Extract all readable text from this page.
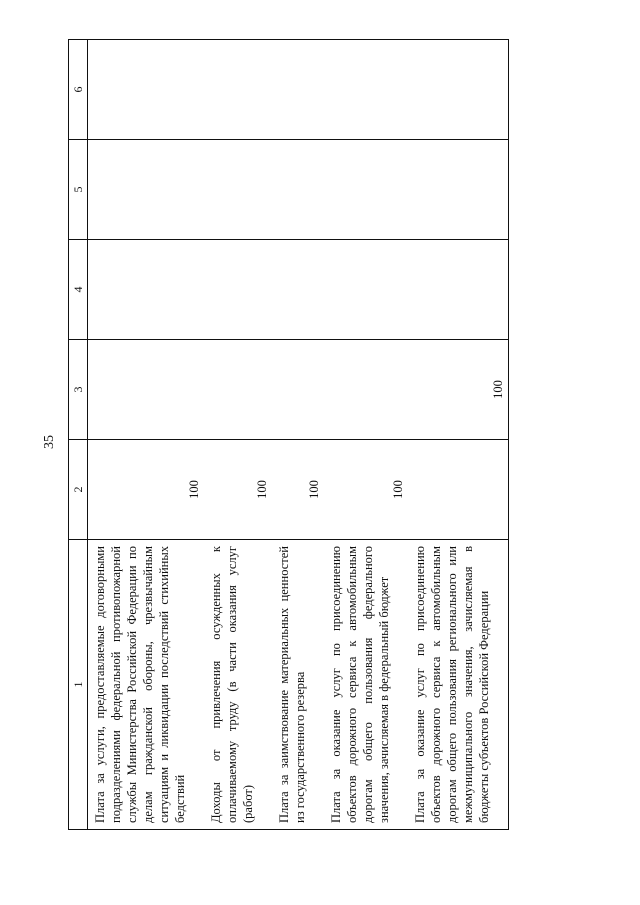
35
1	2	3	4	5	6
Плата за услуги, предоставляемые договорными подразделениями федеральной противопожарной службы Министерства Российской Федерации по делам гражданской обороны, чрезвычайным ситуациям и ликвидации последствий стихийных бедствий	100				
Доходы от привлечения осужденных к оплачиваемому труду (в части оказания услуг (работ)	100				
Плата за заимствование материальных ценностей из государственного резерва	100				
Плата за оказание услуг по присоединению объектов дорожного сервиса к автомобильным дорогам общего пользования федерального значения, зачисляемая в федеральный бюджет	100				
Плата за оказание услуг по присоединению объектов дорожного сервиса к автомобильным дорогам общего пользования регионального или межмуниципального значения, зачисляемая в бюджеты субъектов Российской Федерации		100			
